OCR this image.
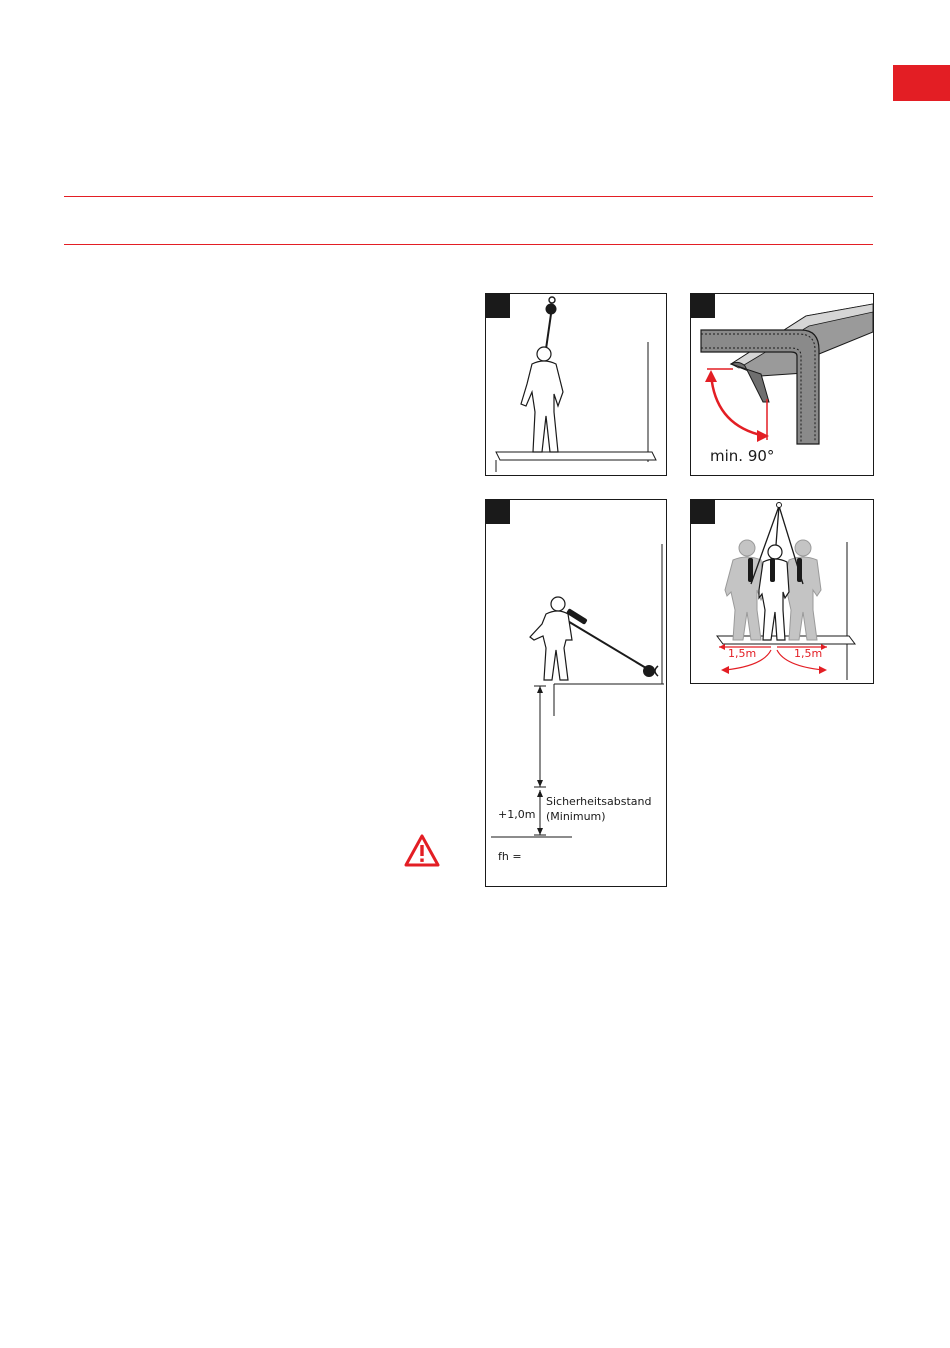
min. 90°
Sicherheitsabstand
(Minimum)
+1,0m
fh =
1,5m	1,5m
